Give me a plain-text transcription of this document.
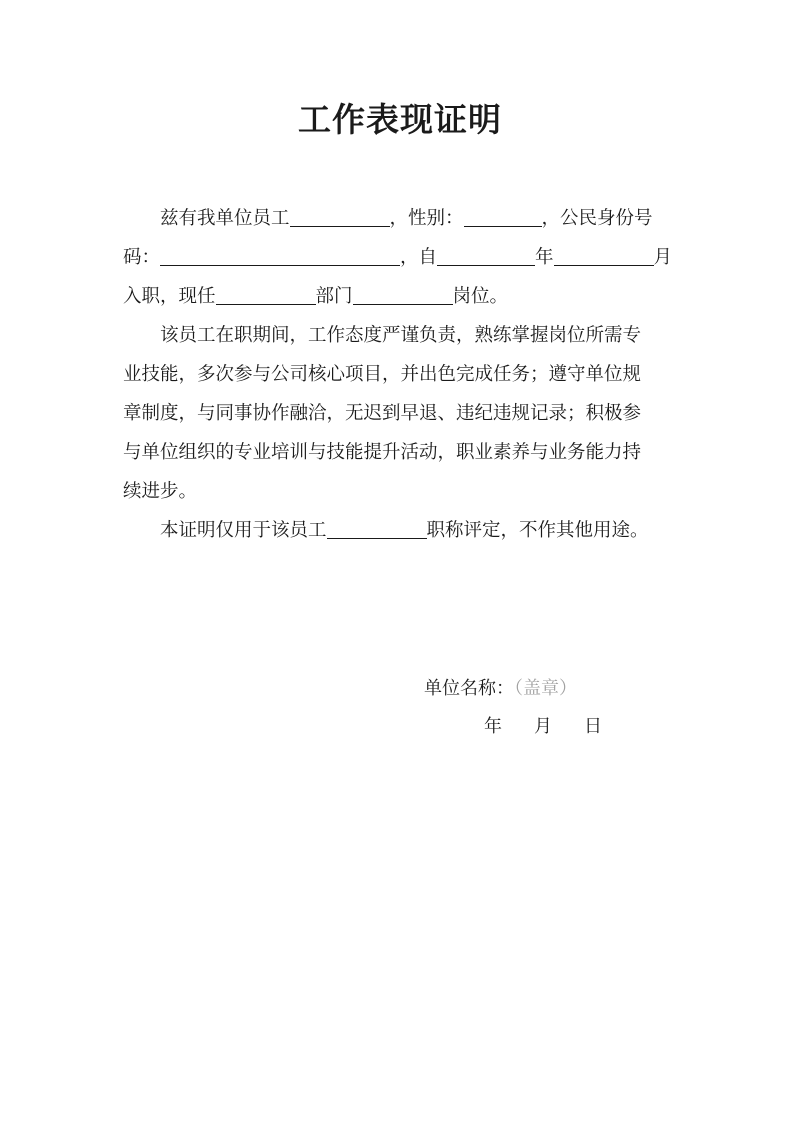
工作表现证明

兹有我单位员工	，性别：	，公民身份号

码：	，自	年	月
入职，现任	部门	岗位。

该员工在职期间，工作态度严谨负责，熟练掌握岗位所需专

业技能，多次参与公司核心项目，并出色完成任务；遵守单位规
章制度，与同事协作融洽，无迟到早退、违纪违规记录；积极参
与单位组织的专业培训与技能提升活动，职业素养与业务能力持
续进步。

本证明仅用于该员工	职称评定，不作其他用途。

单位名称：（盖章）
年 月 日
